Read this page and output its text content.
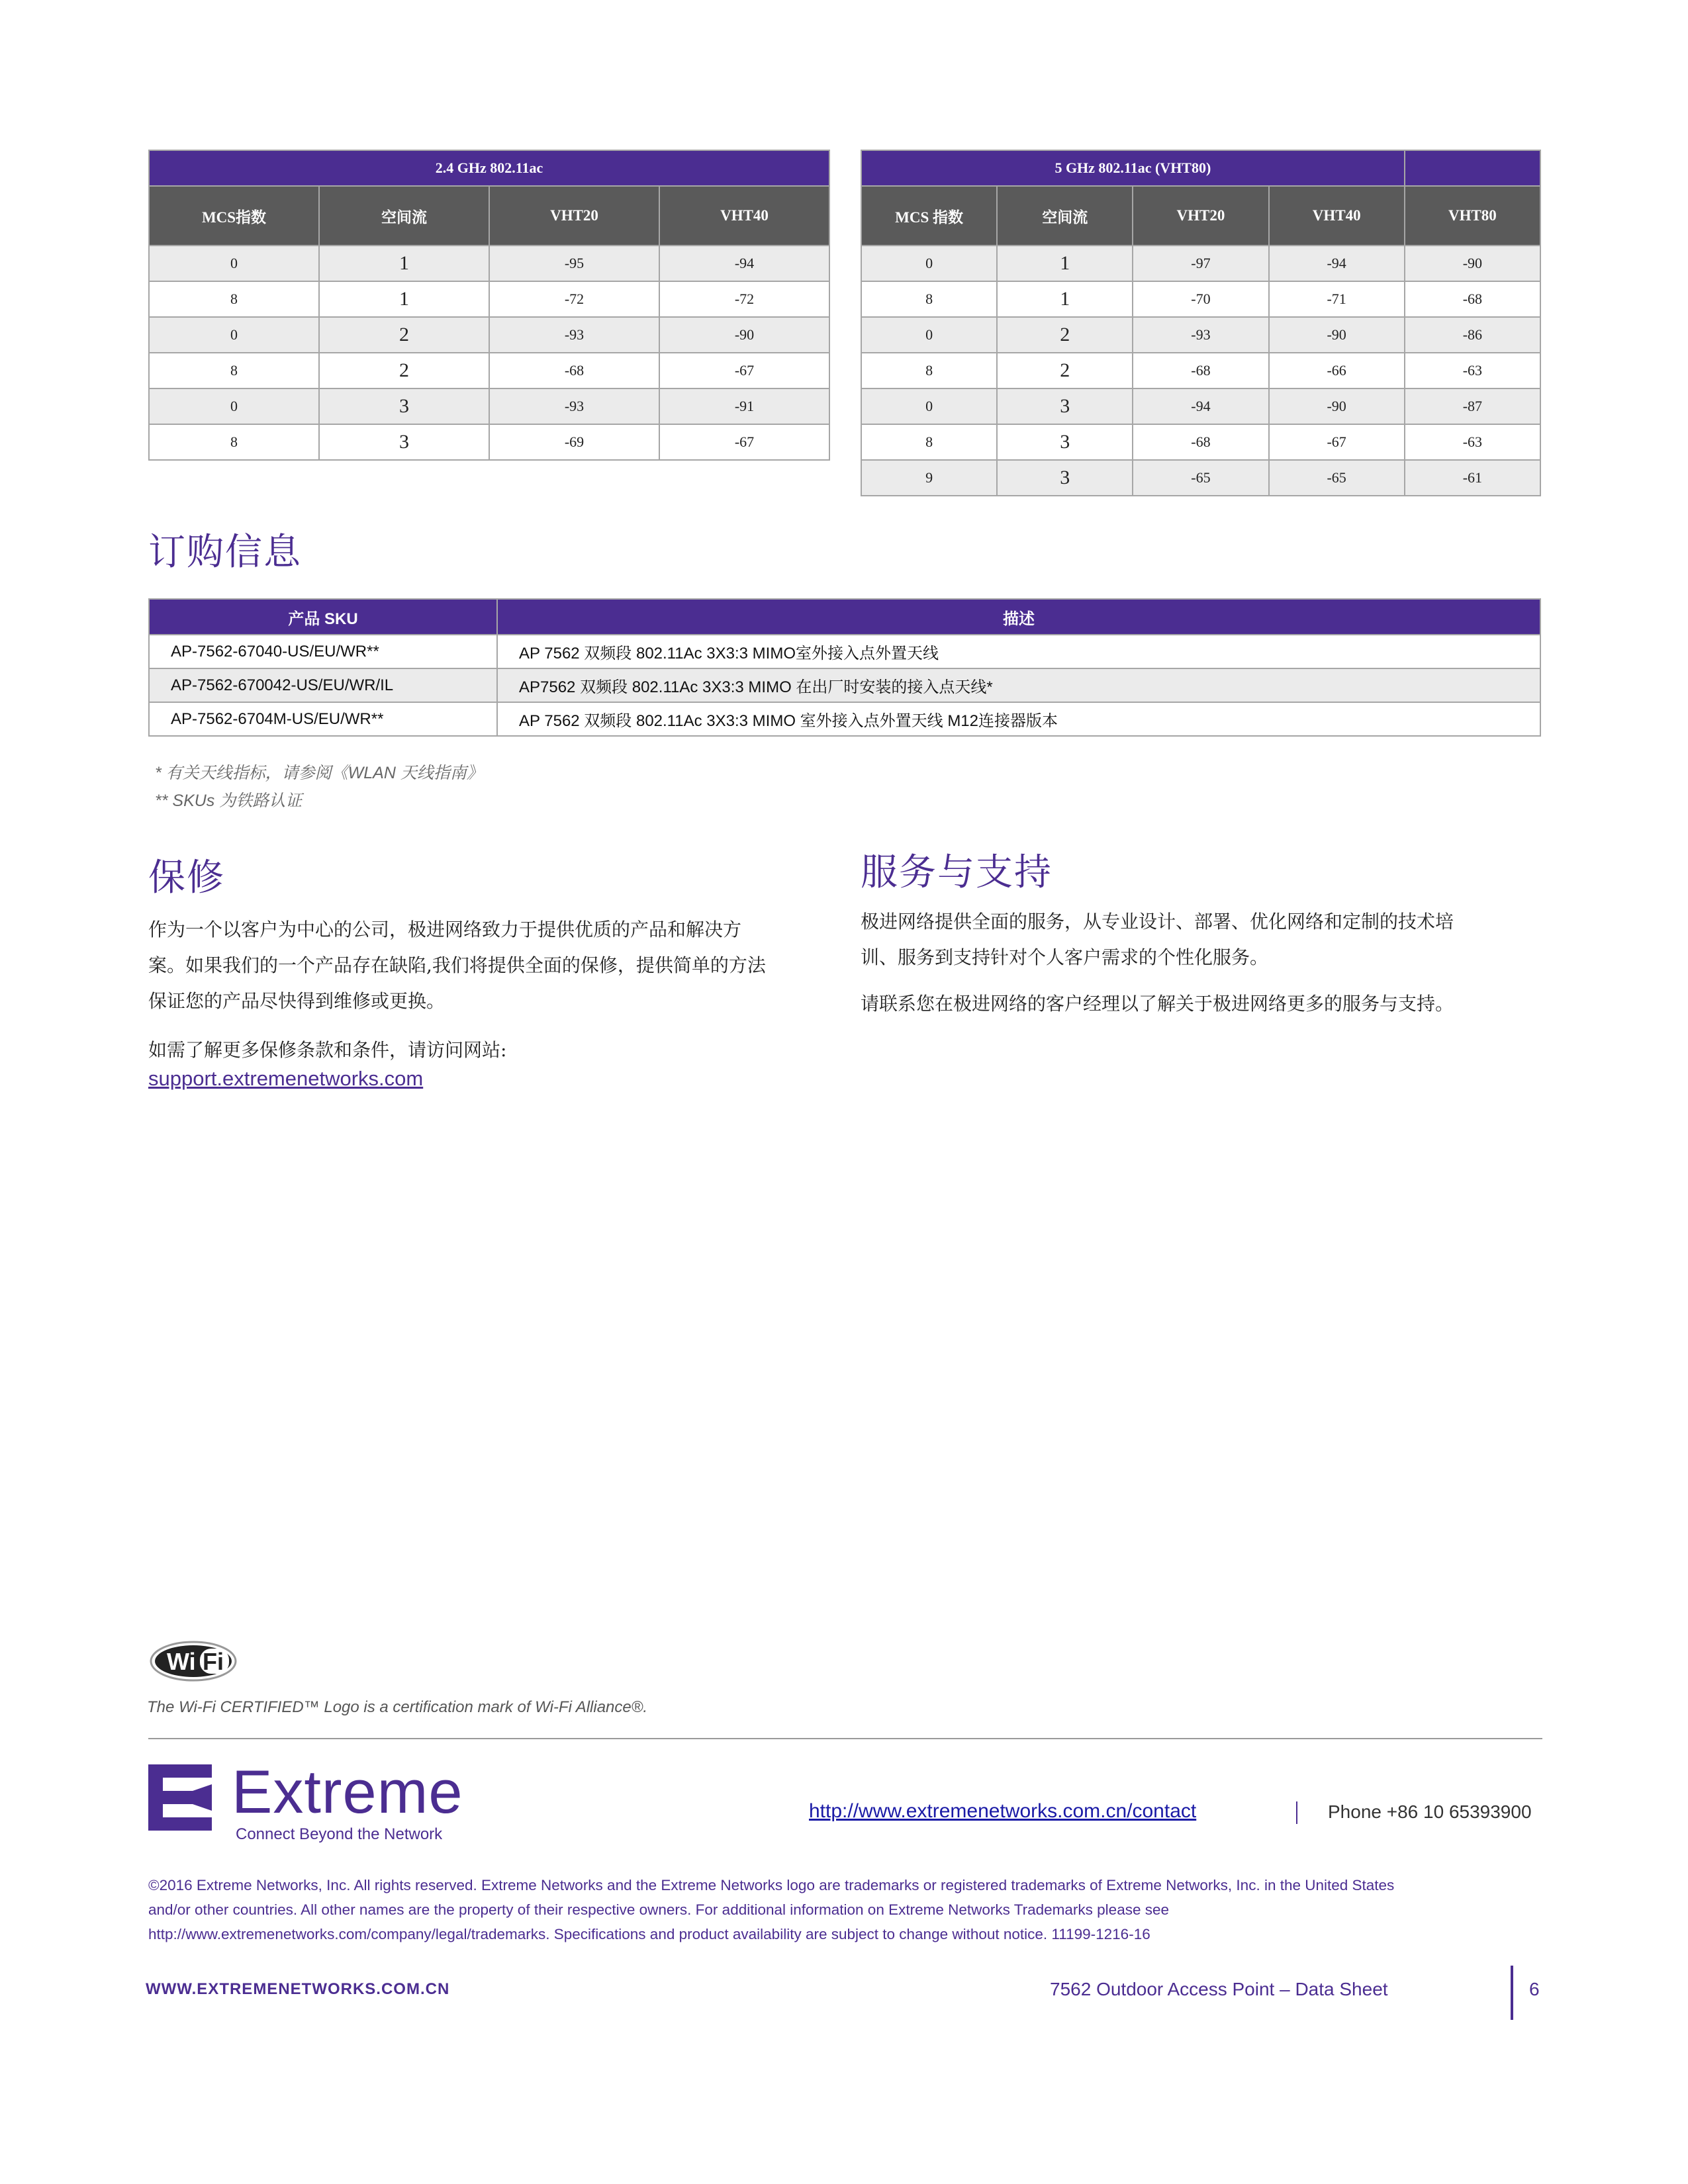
2.4 GHz 802.11ac			
MCS指数	空间流	VHT20	VHT40
0	1	-95	-94
8	1	-72	-72
0	2	-93	-90
8	2	-68	-67
0	3	-93	-91
8	3	-69	-67
5 GHz 802.11ac (VHT80)				
MCS 指数	空间流	VHT20	VHT40	VHT80
0	1	-97	-94	-90
8	1	-70	-71	-68
0	2	-93	-90	-86
8	2	-68	-66	-63
0	3	-94	-90	-87
8	3	-68	-67	-63
9	3	-65	-65	-61
订购信息
产品 SKU	描述
AP-7562-67040-US/EU/WR**	AP 7562 双频段 802.11Ac 3X3:3 MIMO室外接入点外置天线
AP-7562-670042-US/EU/WR/IL	AP7562 双频段 802.11Ac 3X3:3 MIMO 在出厂时安装的接入点天线*
AP-7562-6704M-US/EU/WR**	AP 7562 双频段 802.11Ac 3X3:3 MIMO 室外接入点外置天线 M12连接器版本
* 有关天线指标，请参阅《WLAN 天线指南》
** SKUs 为铁路认证
保修
作为一个以客户为中心的公司，极进网络致力于提供优质的产品和解决方
案。如果我们的一个产品存在缺陷,我们将提供全面的保修，提供简单的方法
保证您的产品尽快得到维修或更换。
如需了解更多保修条款和条件，请访问网站:
support.extremenetworks.com
服务与支持
极进网络提供全面的服务，从专业设计、部署、优化网络和定制的技术培
训、服务到支持针对个人客户需求的个性化服务。
请联系您在极进网络的客户经理以了解关于极进网络更多的服务与支持。
Wi Fi
The Wi-Fi CERTIFIED™ Logo is a certification mark of Wi-Fi Alliance®.
Extreme
Connect Beyond the Network
http://www.extremenetworks.com.cn/contact	Phone +86 10 65393900
©2016 Extreme Networks, Inc. All rights reserved. Extreme Networks and the Extreme Networks logo are trademarks or registered trademarks of Extreme Networks, Inc. in the United States
and/or other countries. All other names are the property of their respective owners. For additional information on Extreme Networks Trademarks please see
http://www.extremenetworks.com/company/legal/trademarks. Specifications and product availability are subject to change without notice. 11199-1216-16
WWW.EXTREMENETWORKS.COM.CN	7562 Outdoor Access Point – Data Sheet	6
